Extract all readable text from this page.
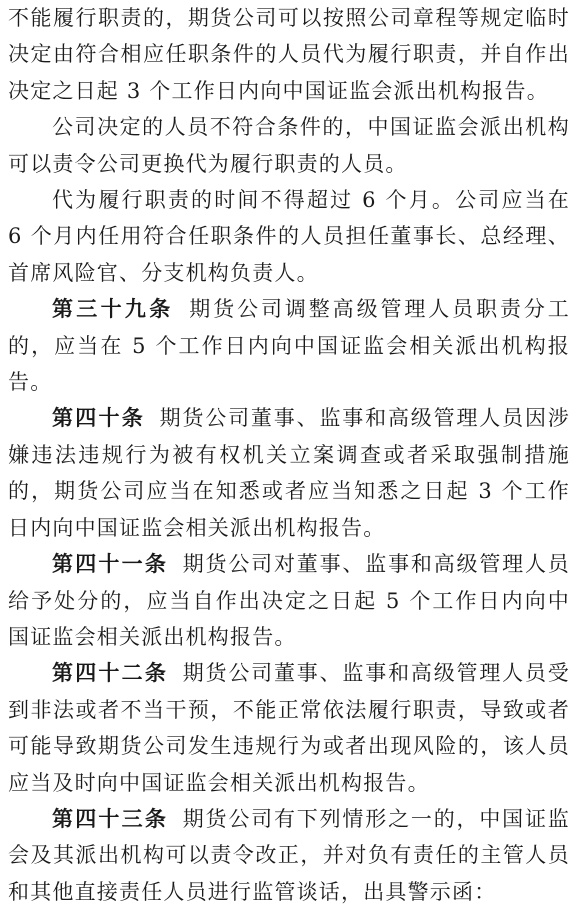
不能履行职责的，期货公司可以按照公司章程等规定临时决定由符合相应任职条件的人员代为履行职责，并自作出决定之日起 3 个工作日内向中国证监会派出机构报告。

公司决定的人员不符合条件的，中国证监会派出机构可以责令公司更换代为履行职责的人员。

代为履行职责的时间不得超过 6 个月。公司应当在 6 个月内任用符合任职条件的人员担任董事长、总经理、首席风险官、分支机构负责人。

第三十九条 期货公司调整高级管理人员职责分工的，应当在 5 个工作日内向中国证监会相关派出机构报告。

第四十条 期货公司董事、监事和高级管理人员因涉嫌违法违规行为被有权机关立案调查或者采取强制措施的，期货公司应当在知悉或者应当知悉之日起 3 个工作日内向中国证监会相关派出机构报告。

第四十一条 期货公司对董事、监事和高级管理人员给予处分的，应当自作出决定之日起 5 个工作日内向中国证监会相关派出机构报告。

第四十二条 期货公司董事、监事和高级管理人员受到非法或者不当干预，不能正常依法履行职责，导致或者可能导致期货公司发生违规行为或者出现风险的，该人员应当及时向中国证监会相关派出机构报告。

第四十三条 期货公司有下列情形之一的，中国证监会及其派出机构可以责令改正，并对负有责任的主管人员和其他直接责任人员进行监管谈话，出具警示函：
